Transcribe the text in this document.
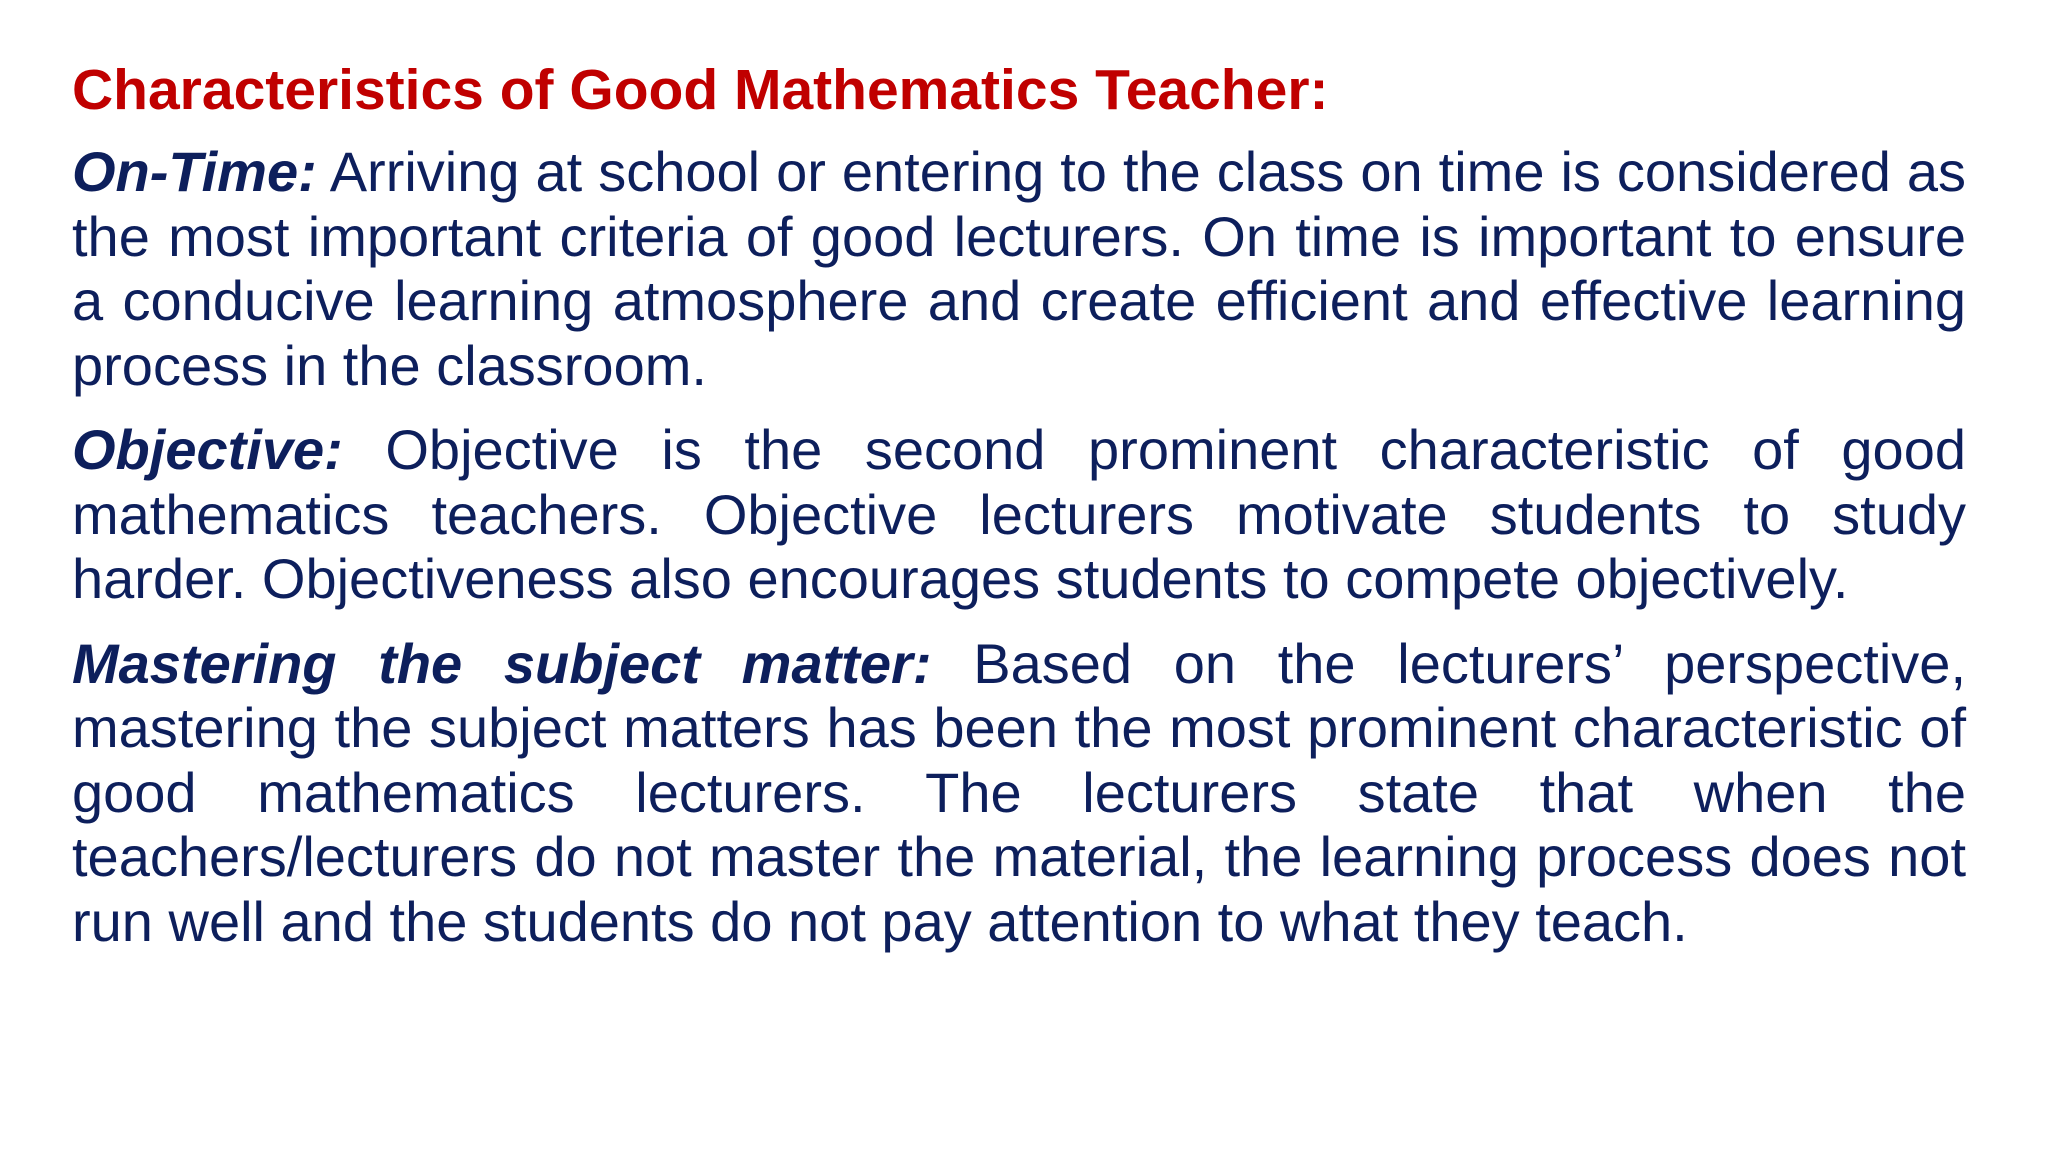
Characteristics of Good Mathematics Teacher:

On-Time: Arriving at school or entering to the class on time is considered as the most important criteria of good lecturers. On time is important to ensure a conducive learning atmosphere and create efficient and effective learning process in the classroom.

Objective: Objective is the second prominent characteristic of good mathematics teachers. Objective lecturers motivate students to study harder. Objectiveness also encourages students to compete objectively.

Mastering the subject matter: Based on the lecturers’ perspective, mastering the subject matters has been the most prominent characteristic of good mathematics lecturers. The lecturers state that when the teachers/lecturers do not master the material, the learning process does not run well and the students do not pay attention to what they teach.
